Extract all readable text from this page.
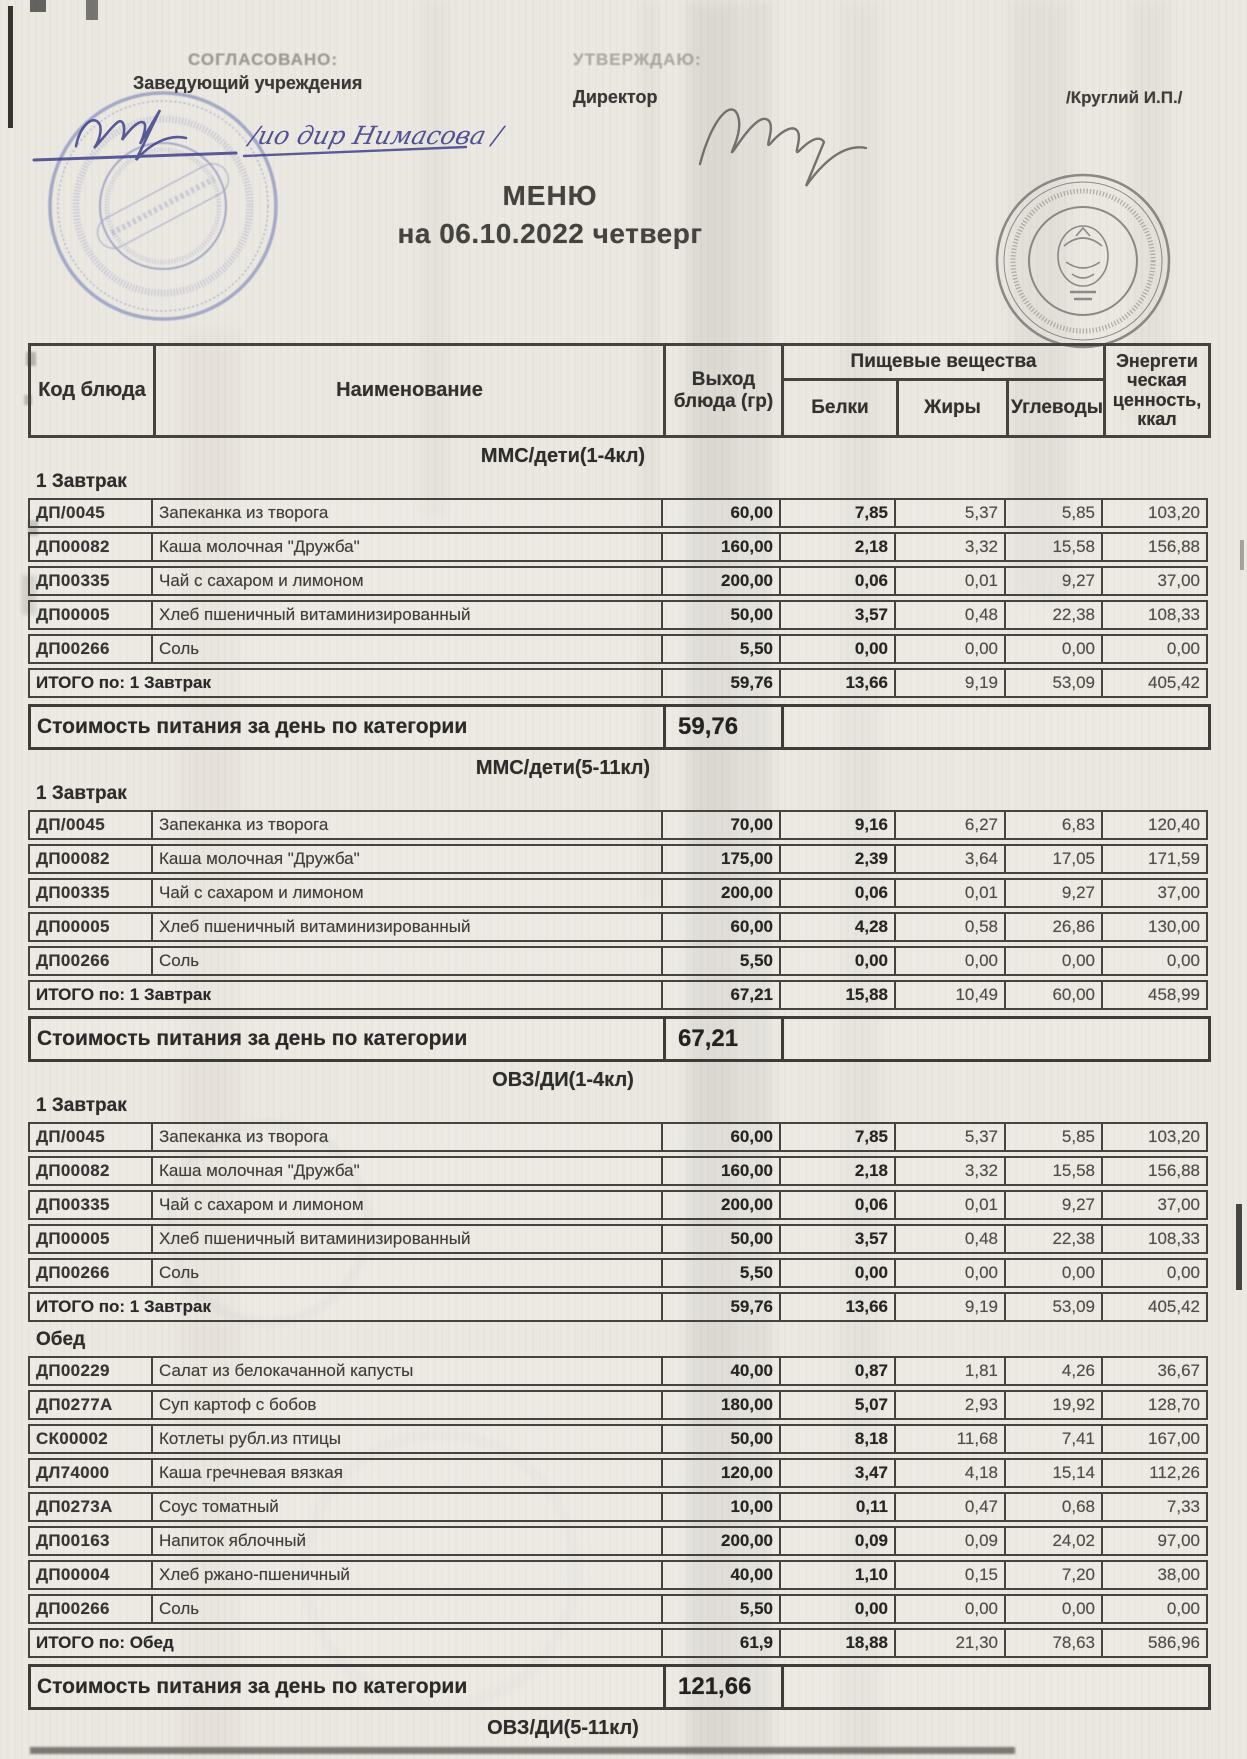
СОГЛАСОВАНО:
Заведующий учреждения
УТВЕРЖДАЮ:
Директор	/Круглий И.П./
МЕНЮ
на 06.10.2022 четверг
/ио дир Нимасова /
Код блюда	Наименование	Выход блюда (гр)	Пищевые вещества			Энергети ческая ценность, ккал
			Белки	Жиры	Углеводы	
ММС/дети(1-4кл)
1 Завтрак
ДП/0045	Запеканка из творога	60,00	7,85	5,37	5,85	103,20
ДП00082	Каша молочная "Дружба"	160,00	2,18	3,32	15,58	156,88
ДП00335	Чай с сахаром и лимоном	200,00	0,06	0,01	9,27	37,00
ДП00005	Хлеб пшеничный витаминизированный	50,00	3,57	0,48	22,38	108,33
ДП00266	Соль	5,50	0,00	0,00	0,00	0,00
ИТОГО по: 1 Завтрак		59,76	13,66	9,19	53,09	405,42
Стоимость питания за день по категории	59,76	
ММС/дети(5-11кл)
1 Завтрак
ДП/0045	Запеканка из творога	70,00	9,16	6,27	6,83	120,40
ДП00082	Каша молочная "Дружба"	175,00	2,39	3,64	17,05	171,59
ДП00335	Чай с сахаром и лимоном	200,00	0,06	0,01	9,27	37,00
ДП00005	Хлеб пшеничный витаминизированный	60,00	4,28	0,58	26,86	130,00
ДП00266	Соль	5,50	0,00	0,00	0,00	0,00
ИТОГО по: 1 Завтрак		67,21	15,88	10,49	60,00	458,99
Стоимость питания за день по категории	67,21	
ОВЗ/ДИ(1-4кл)
1 Завтрак
ДП/0045	Запеканка из творога	60,00	7,85	5,37	5,85	103,20
ДП00082	Каша молочная "Дружба"	160,00	2,18	3,32	15,58	156,88
ДП00335	Чай с сахаром и лимоном	200,00	0,06	0,01	9,27	37,00
ДП00005	Хлеб пшеничный витаминизированный	50,00	3,57	0,48	22,38	108,33
ДП00266	Соль	5,50	0,00	0,00	0,00	0,00
ИТОГО по: 1 Завтрак		59,76	13,66	9,19	53,09	405,42
Обед
ДП00229	Салат из белокачанной капусты	40,00	0,87	1,81	4,26	36,67
ДП0277А	Суп картоф с бобов	180,00	5,07	2,93	19,92	128,70
СК00002	Котлеты рубл.из птицы	50,00	8,18	11,68	7,41	167,00
ДЛ74000	Каша гречневая вязкая	120,00	3,47	4,18	15,14	112,26
ДП0273А	Соус томатный	10,00	0,11	0,47	0,68	7,33
ДП00163	Напиток яблочный	200,00	0,09	0,09	24,02	97,00
ДП00004	Хлеб ржано-пшеничный	40,00	1,10	0,15	7,20	38,00
ДП00266	Соль	5,50	0,00	0,00	0,00	0,00
ИТОГО по: Обед		61,9	18,88	21,30	78,63	586,96
Стоимость питания за день по категории	121,66	
ОВЗ/ДИ(5-11кл)
